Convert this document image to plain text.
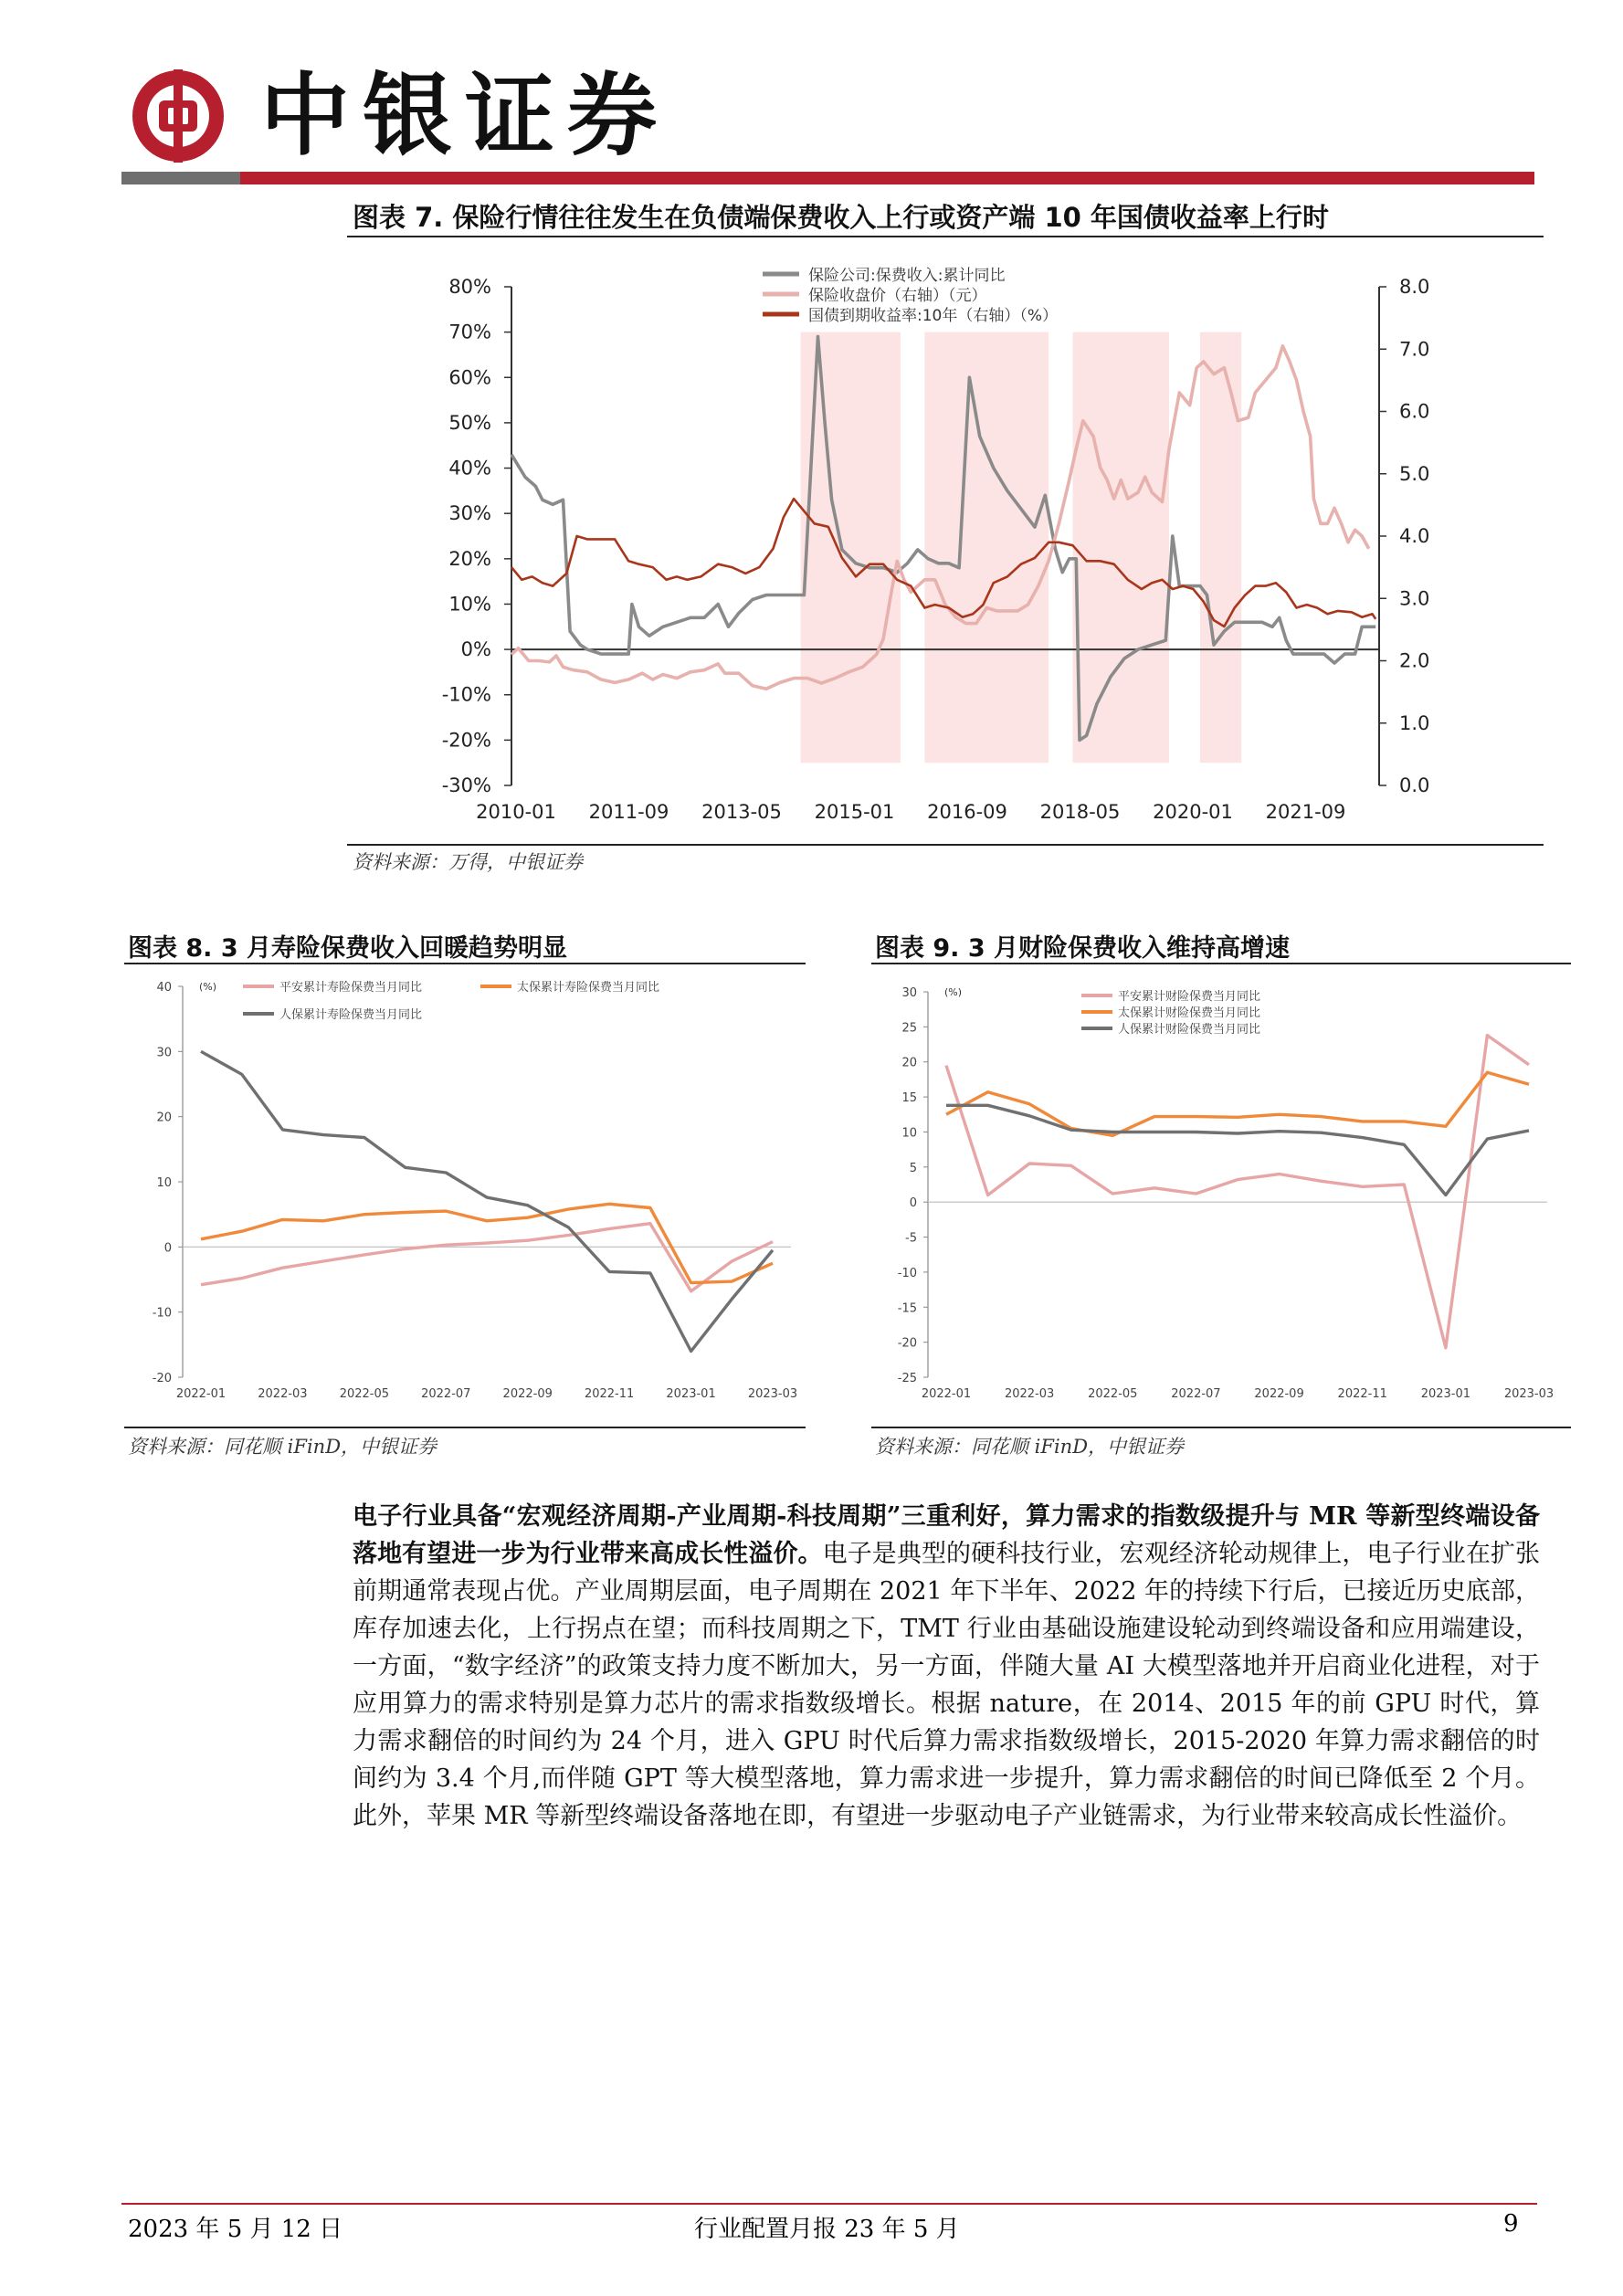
中银证券
图表 7. 保险行情往往发生在负债端保费收入上行或资产端 10 年国债收益率上行时
80%
70%
60%
50%
40%
30%
20%
10%
0%
-10%
-20%
-30%
8.0
7.0
6.0
5.0
4.0
3.0
2.0
1.0
0.0
2010-01 2011-09 2013-05 2015-01 2016-09 2018-05 2020-01 2021-09
保险公司:保费收入:累计同比
保险收盘价（右轴）（元）
国债到期收益率:10年（右轴）（%）
资料来源：万得，中银证券
图表 8. 3 月寿险保费收入回暖趋势明显
(%)
40
30
20
10
0
-10
-20
2022-01	2022-03	2022-05	2022-07	2022-09	2022-11	2023-01	2023-03
平安累计寿险保费当月同比	太保累计寿险保费当月同比
人保累计寿险保费当月同比
资料来源：同花顺 iFinD，中银证券
图表 9. 3 月财险保费收入维持高增速
(%)
30
25
20
15
10
5
0
-5
-10
-15
-20
-25
2022-01	2022-03	2022-05	2022-07	2022-09	2022-11	2023-01	2023-03
平安累计财险保费当月同比
太保累计财险保费当月同比
人保累计财险保费当月同比
资料来源：同花顺 iFinD，中银证券
电子行业具备“宏观经济周期-产业周期-科技周期”三重利好，算力需求的指数级提升与 MR 等新型终端设备落地有望进一步为行业带来高成长性溢价。电子是典型的硬科技行业，宏观经济轮动规律上，电子行业在扩张前期通常表现占优。产业周期层面，电子周期在 2021 年下半年、2022 年的持续下行后，已接近历史底部，库存加速去化，上行拐点在望；而科技周期之下，TMT 行业由基础设施建设轮动到终端设备和应用端建设，一方面，“数字经济”的政策支持力度不断加大，另一方面，伴随大量 AI 大模型落地并开启商业化进程，对于应用算力的需求特别是算力芯片的需求指数级增长。根据 nature，在 2014、2015 年的前 GPU 时代，算力需求翻倍的时间约为 24 个月，进入 GPU 时代后算力需求指数级增长，2015-2020 年算力需求翻倍的时间约为 3.4 个月,而伴随 GPT 等大模型落地，算力需求进一步提升，算力需求翻倍的时间已降低至 2 个月。此外，苹果 MR 等新型终端设备落地在即，有望进一步驱动电子产业链需求，为行业带来较高成长性溢价。
2023 年 5 月 12 日	行业配置月报 23 年 5 月	9
